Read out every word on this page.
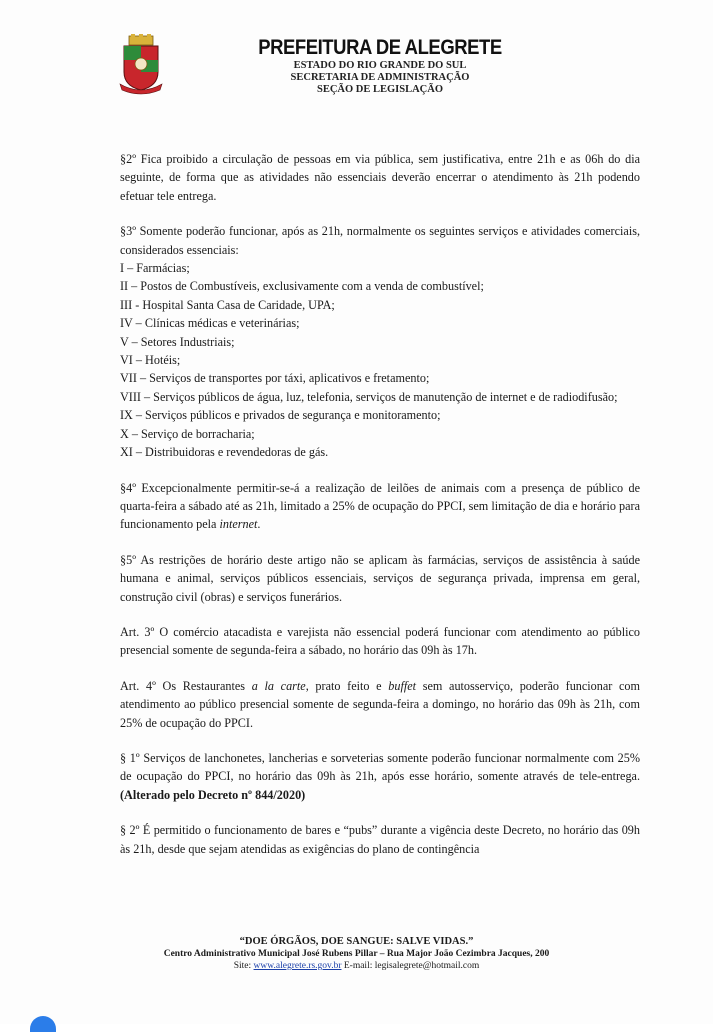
PREFEITURA DE ALEGRETE
ESTADO DO RIO GRANDE DO SUL
SECRETARIA DE ADMINISTRAÇÃO
SEÇÃO DE LEGISLAÇÃO

§2º Fica proibido a circulação de pessoas em via pública, sem justificativa, entre 21h e as 06h do dia seguinte, de forma que as atividades não essenciais deverão encerrar o atendimento às 21h podendo efetuar tele entrega.

§3º Somente poderão funcionar, após as 21h, normalmente os seguintes serviços e atividades comerciais, considerados essenciais:

I – Farmácias;

II – Postos de Combustíveis, exclusivamente com a venda de combustível;

III - Hospital Santa Casa de Caridade, UPA;

IV – Clínicas médicas e veterinárias;

V – Setores Industriais;

VI – Hotéis;

VII – Serviços de transportes por táxi, aplicativos e fretamento;

VIII – Serviços públicos de água, luz, telefonia, serviços de manutenção de internet e de radiodifusão;

IX – Serviços públicos e privados de segurança e monitoramento;

X – Serviço de borracharia;

XI – Distribuidoras e revendedoras de gás.

§4º Excepcionalmente permitir-se-á a realização de leilões de animais com a presença de público de quarta-feira a sábado até as 21h, limitado a 25% de ocupação do PPCI, sem limitação de dia e horário para funcionamento pela internet.

§5º As restrições de horário deste artigo não se aplicam às farmácias, serviços de assistência à saúde humana e animal, serviços públicos essenciais, serviços de segurança privada, imprensa em geral, construção civil (obras) e serviços funerários.

Art. 3º O comércio atacadista e varejista não essencial poderá funcionar com atendimento ao público presencial somente de segunda-feira a sábado, no horário das 09h às 17h.

Art. 4º Os Restaurantes a la carte, prato feito e buffet sem autosserviço, poderão funcionar com atendimento ao público presencial somente de segunda-feira a domingo, no horário das 09h às 21h, com 25% de ocupação do PPCI.

§ 1º Serviços de lanchonetes, lancherias e sorveterias somente poderão funcionar normalmente com 25% de ocupação do PPCI, no horário das 09h às 21h, após esse horário, somente através de tele-entrega. (Alterado pelo Decreto nº 844/2020)

§ 2º É permitido o funcionamento de bares e “pubs” durante a vigência deste Decreto, no horário das 09h às 21h, desde que sejam atendidas as exigências do plano de contingência

“DOE ÓRGÃOS, DOE SANGUE: SALVE VIDAS.”
Centro Administrativo Municipal José Rubens Pillar – Rua Major João Cezimbra Jacques, 200
Site: www.alegrete.rs.gov.br E-mail: legisalegrete@hotmail.com
